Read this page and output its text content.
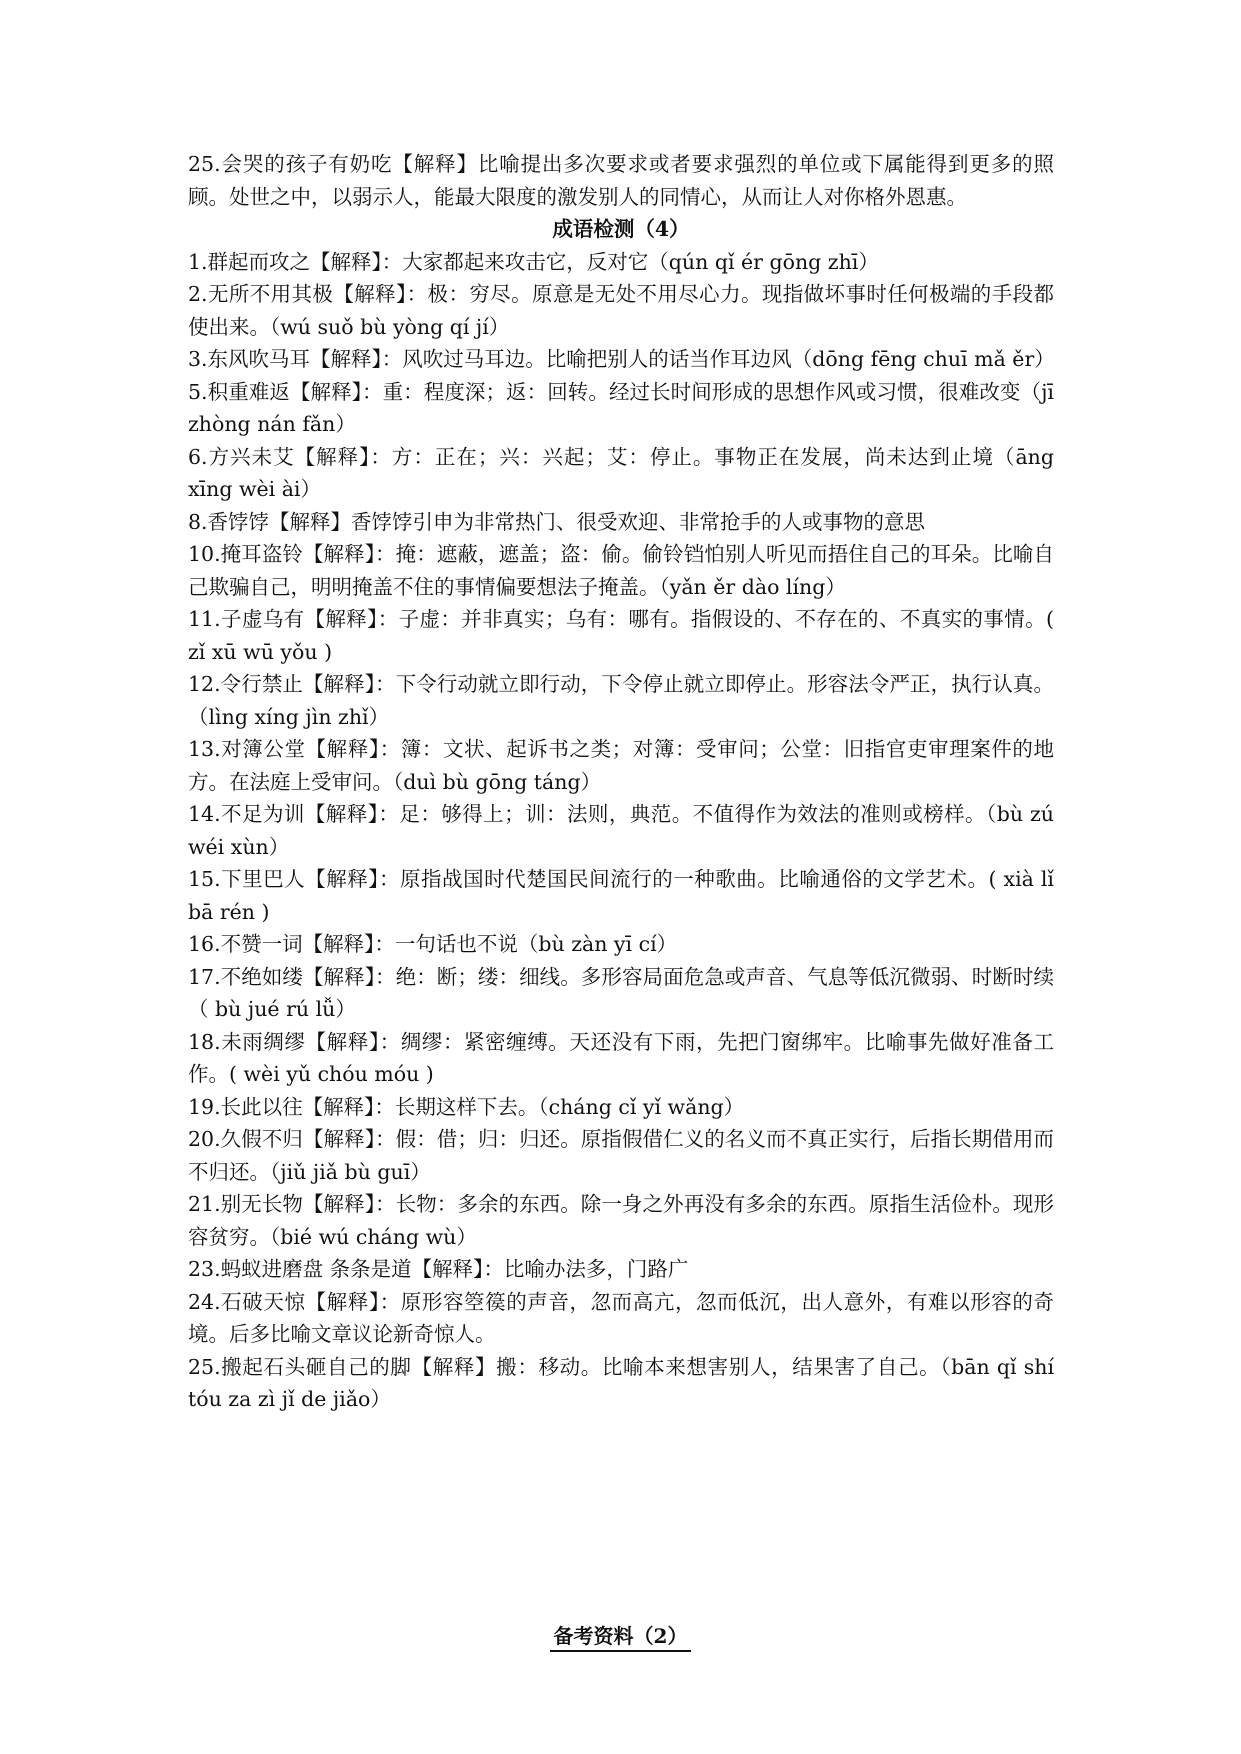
25.会哭的孩子有奶吃【解释】比喻提出多次要求或者要求强烈的单位或下属能得到更多的照顾。处世之中，以弱示人，能最大限度的激发别人的同情心，从而让人对你格外恩惠。

成语检测（4）

1.群起而攻之【解释】：大家都起来攻击它，反对它（qún qǐ ér gōng zhī）

2.无所不用其极【解释】：极：穷尽。原意是无处不用尽心力。现指做坏事时任何极端的手段都使出来。（wú suǒ bù yòng qí jí）

3.东风吹马耳【解释】：风吹过马耳边。比喻把别人的话当作耳边风（dōng fēng chuī mǎ ěr）

5.积重难返【解释】：重：程度深；返：回转。经过长时间形成的思想作风或习惯，很难改变（jī zhòng nán fǎn）

6.方兴未艾【解释】：方：正在；兴：兴起；艾：停止。事物正在发展，尚未达到止境（āng xīng wèi ài）

8.香饽饽【解释】香饽饽引申为非常热门、很受欢迎、非常抢手的人或事物的意思

10.掩耳盗铃【解释】：掩：遮蔽，遮盖；盗：偷。偷铃铛怕别人听见而捂住自己的耳朵。比喻自己欺骗自己，明明掩盖不住的事情偏要想法子掩盖。（yǎn ěr dào líng）

11.子虚乌有【解释】：子虚：并非真实；乌有：哪有。指假设的、不存在的、不真实的事情。( zǐ xū wū yǒu )

12.令行禁止【解释】：下令行动就立即行动，下令停止就立即停止。形容法令严正，执行认真。（lìng xíng jìn zhǐ）

13.对簿公堂【解释】：簿：文状、起诉书之类；对簿：受审问；公堂：旧指官吏审理案件的地方。在法庭上受审问。（duì bù gōng táng）

14.不足为训【解释】：足：够得上；训：法则，典范。不值得作为效法的准则或榜样。（bù zú wéi xùn）

15.下里巴人【解释】：原指战国时代楚国民间流行的一种歌曲。比喻通俗的文学艺术。( xià lǐ bā rén )

16.不赞一词【解释】：一句话也不说（bù zàn yī cí）

17.不绝如缕【解释】：绝：断；缕：细线。多形容局面危急或声音、气息等低沉微弱、时断时续（ bù jué rú lǚ）

18.未雨绸缪【解释】：绸缪：紧密缠缚。天还没有下雨，先把门窗绑牢。比喻事先做好准备工作。( wèi yǔ chóu móu )

19.长此以往【解释】：长期这样下去。（cháng cǐ yǐ wǎng）

20.久假不归【解释】：假：借；归：归还。原指假借仁义的名义而不真正实行，后指长期借用而不归还。（jiǔ jiǎ bù guī）

21.别无长物【解释】：长物：多余的东西。除一身之外再没有多余的东西。原指生活俭朴。现形容贫穷。（bié wú cháng wù）

23.蚂蚁进磨盘 条条是道【解释】：比喻办法多，门路广

24.石破天惊【解释】：原形容箜篌的声音，忽而高亢，忽而低沉，出人意外，有难以形容的奇境。后多比喻文章议论新奇惊人。

25.搬起石头砸自己的脚【解释】搬：移动。比喻本来想害别人，结果害了自己。（bān qǐ shí tóu za zì jǐ de jiǎo）

备考资料（2）
